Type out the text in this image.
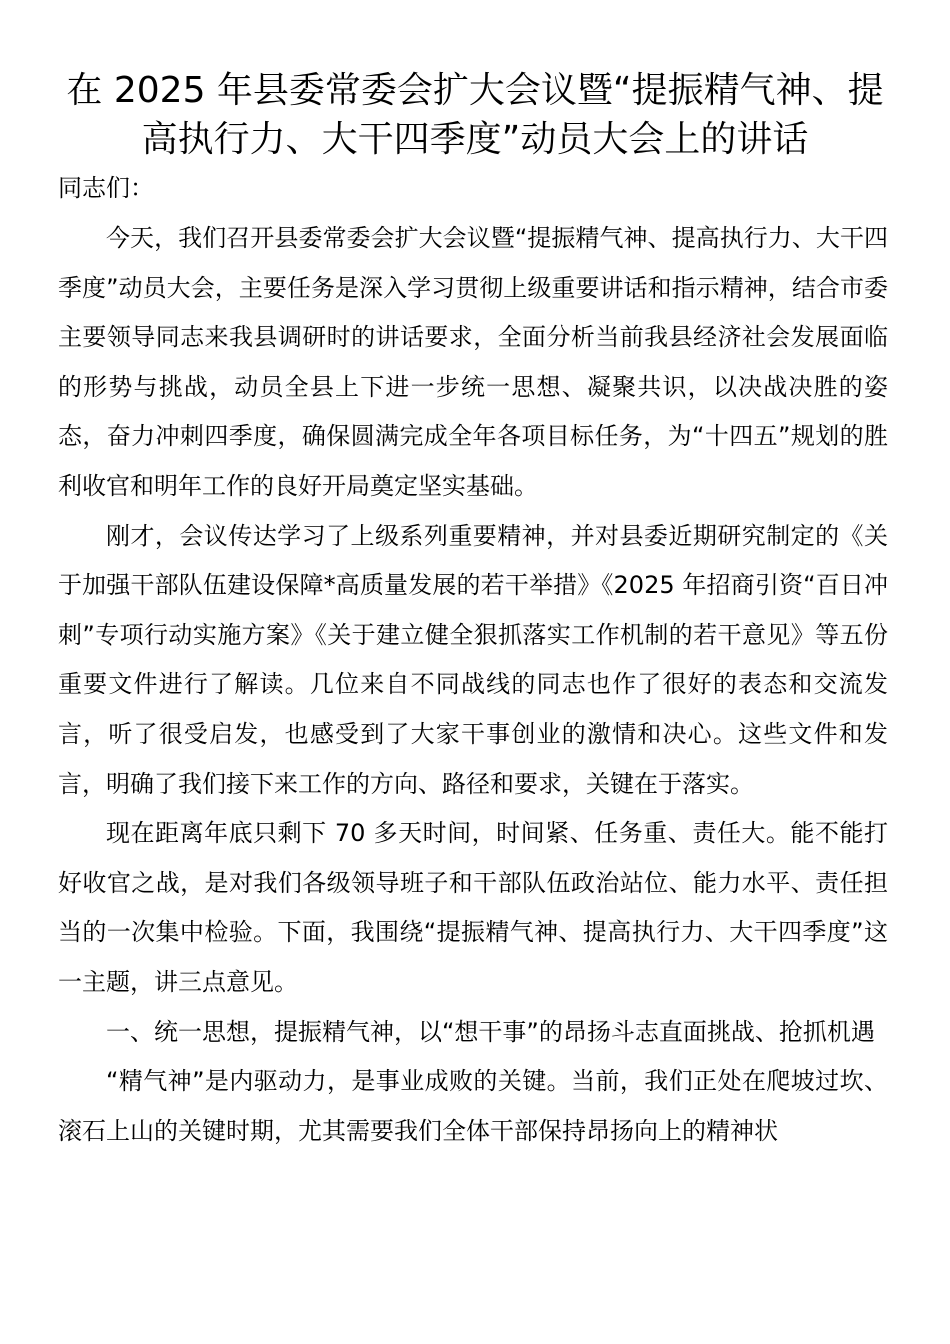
在 2025 年县委常委会扩大会议暨“提振精气神、提高执行力、大干四季度”动员大会上的讲话

同志们：

今天，我们召开县委常委会扩大会议暨“提振精气神、提高执行力、大干四季度”动员大会，主要任务是深入学习贯彻上级重要讲话和指示精神，结合市委主要领导同志来我县调研时的讲话要求，全面分析当前我县经济社会发展面临的形势与挑战，动员全县上下进一步统一思想、凝聚共识，以决战决胜的姿态，奋力冲刺四季度，确保圆满完成全年各项目标任务，为“十四五”规划的胜利收官和明年工作的良好开局奠定坚实基础。

刚才，会议传达学习了上级系列重要精神，并对县委近期研究制定的《关于加强干部队伍建设保障*高质量发展的若干举措》《2025 年招商引资“百日冲刺”专项行动实施方案》《关于建立健全狠抓落实工作机制的若干意见》等五份重要文件进行了解读。几位来自不同战线的同志也作了很好的表态和交流发言，听了很受启发，也感受到了大家干事创业的激情和决心。这些文件和发言，明确了我们接下来工作的方向、路径和要求，关键在于落实。

现在距离年底只剩下 70 多天时间，时间紧、任务重、责任大。能不能打好收官之战，是对我们各级领导班子和干部队伍政治站位、能力水平、责任担当的一次集中检验。下面，我围绕“提振精气神、提高执行力、大干四季度”这一主题，讲三点意见。

一、统一思想，提振精气神，以“想干事”的昂扬斗志直面挑战、抢抓机遇

“精气神”是内驱动力，是事业成败的关键。当前，我们正处在爬坡过坎、滚石上山的关键时期，尤其需要我们全体干部保持昂扬向上的精神状
